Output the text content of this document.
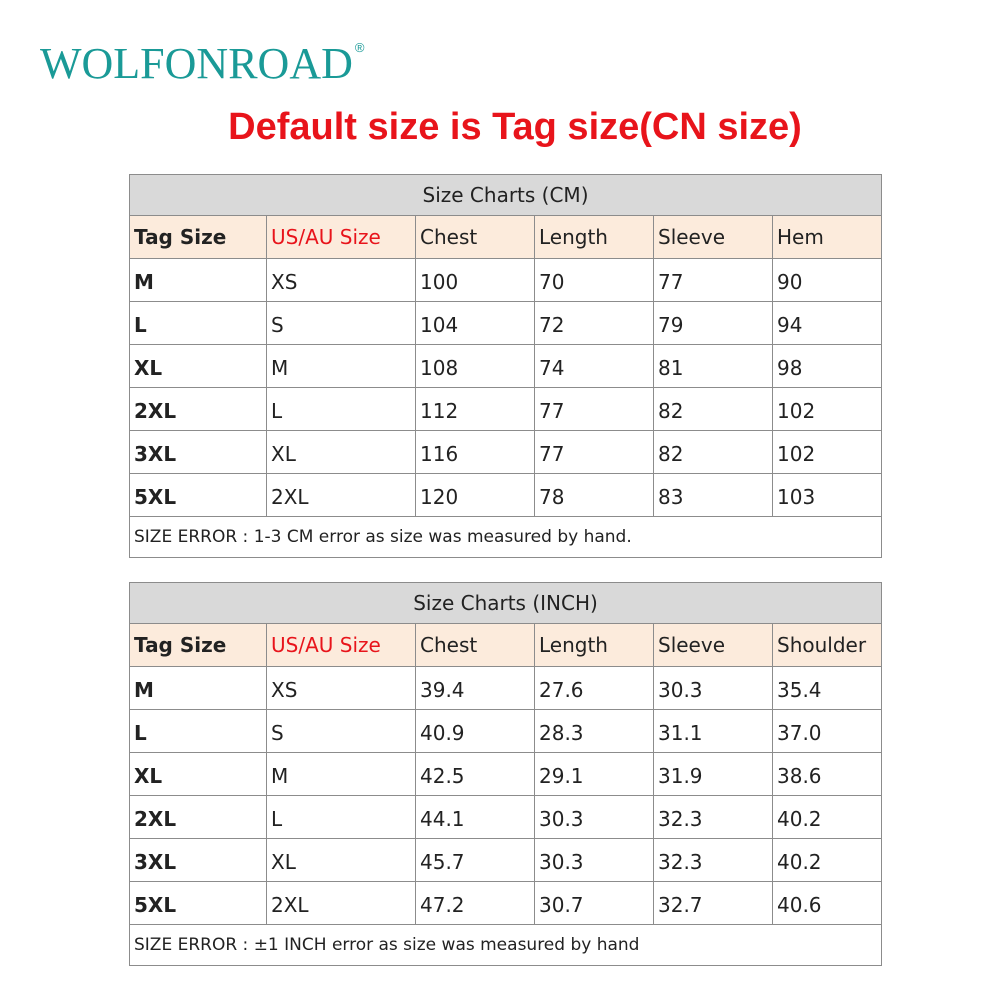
WOLFONROAD ®
Default size is Tag size(CN size)
Size Charts (CM)					
Tag Size	US/AU Size	Chest	Length	Sleeve	Hem
M	XS	100	70	77	90
L	S	104	72	79	94
XL	M	108	74	81	98
2XL	L	112	77	82	102
3XL	XL	116	77	82	102
5XL	2XL	120	78	83	103
SIZE ERROR : 1-3 CM error as size was measured by hand.					
Size Charts (INCH)					
Tag Size	US/AU Size	Chest	Length	Sleeve	Shoulder
M	XS	39.4	27.6	30.3	35.4
L	S	40.9	28.3	31.1	37.0
XL	M	42.5	29.1	31.9	38.6
2XL	L	44.1	30.3	32.3	40.2
3XL	XL	45.7	30.3	32.3	40.2
5XL	2XL	47.2	30.7	32.7	40.6
SIZE ERROR : ±1 INCH error as size was measured by hand					
